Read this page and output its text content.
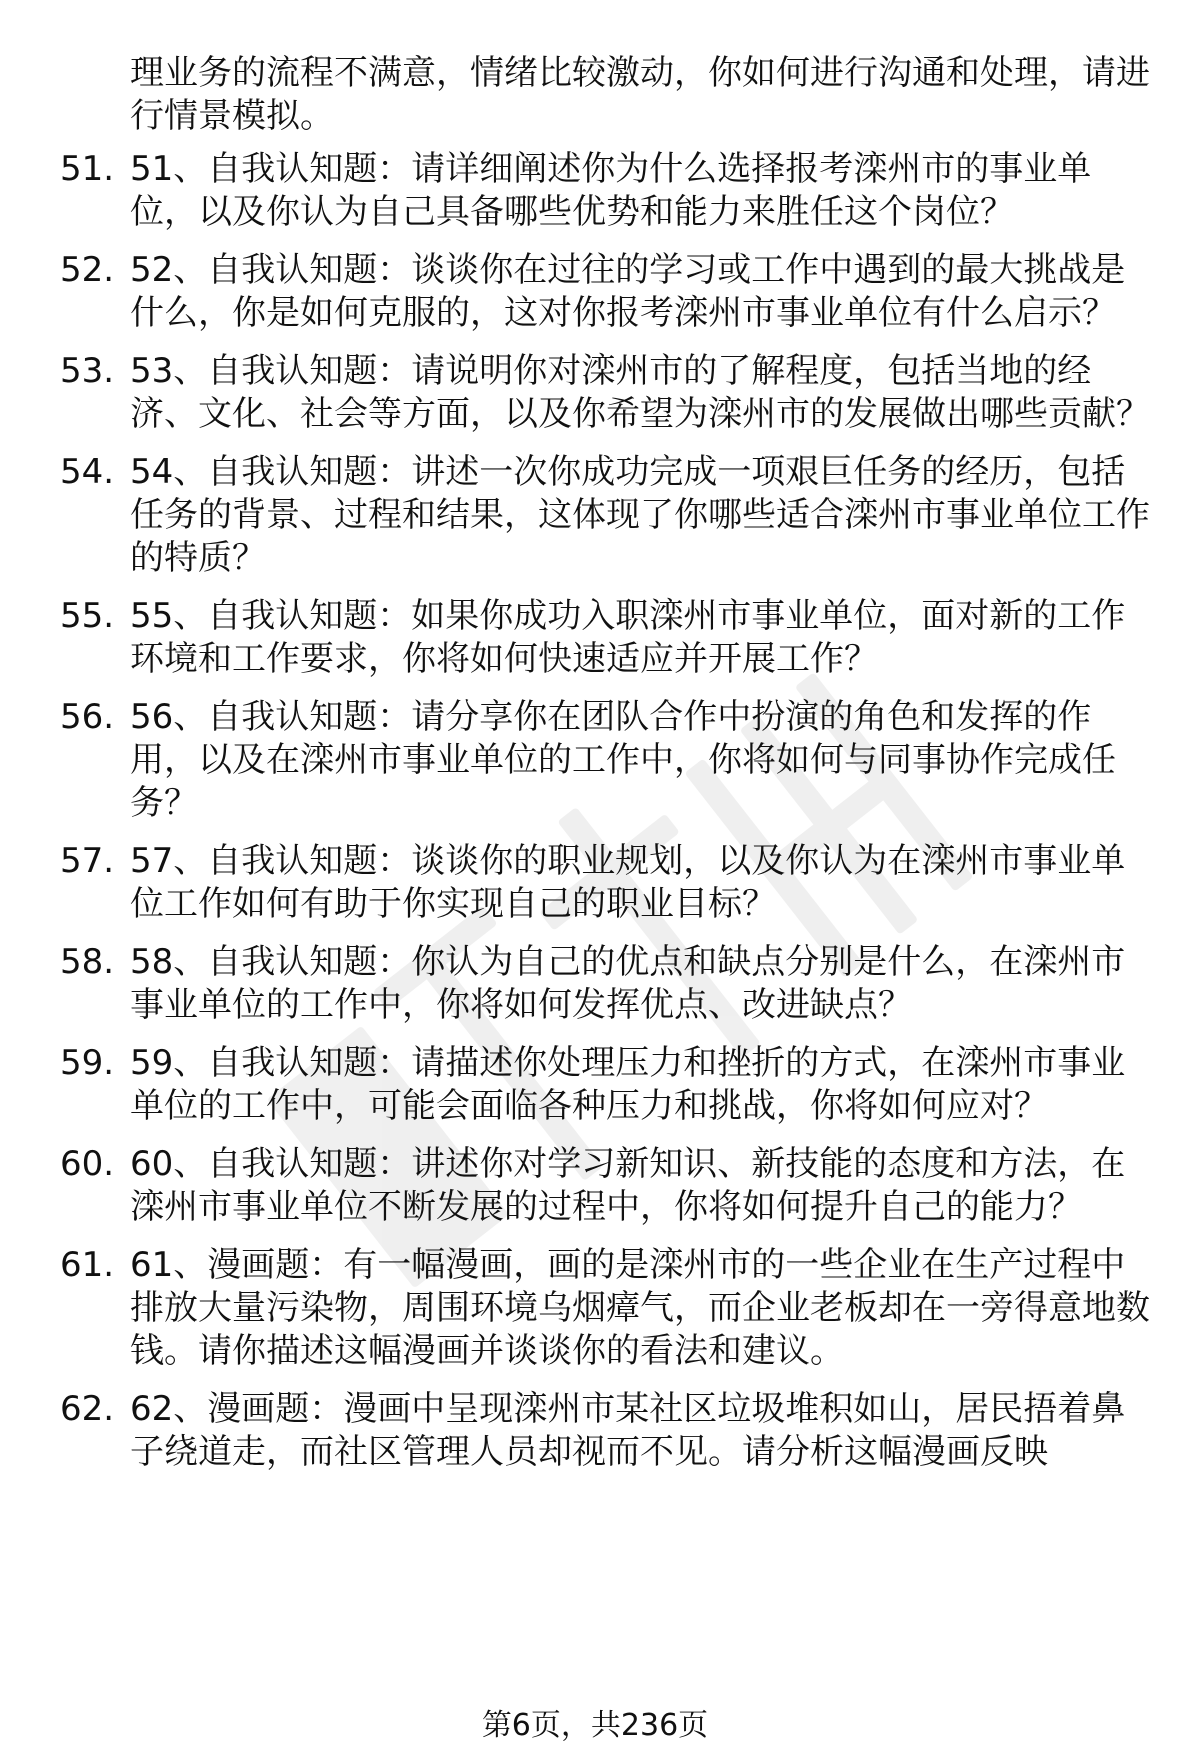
理业务的流程不满意，情绪比较激动，你如何进行沟通和处理，请进行情景模拟。

51. 51、自我认知题：请详细阐述你为什么选择报考滦州市的事业单位，以及你认为自己具备哪些优势和能力来胜任这个岗位？

52. 52、自我认知题：谈谈你在过往的学习或工作中遇到的最大挑战是什么，你是如何克服的，这对你报考滦州市事业单位有什么启示？

53. 53、自我认知题：请说明你对滦州市的了解程度，包括当地的经济、文化、社会等方面，以及你希望为滦州市的发展做出哪些贡献？

54. 54、自我认知题：讲述一次你成功完成一项艰巨任务的经历，包括任务的背景、过程和结果，这体现了你哪些适合滦州市事业单位工作的特质？

55. 55、自我认知题：如果你成功入职滦州市事业单位，面对新的工作环境和工作要求，你将如何快速适应并开展工作？

56. 56、自我认知题：请分享你在团队合作中扮演的角色和发挥的作用，以及在滦州市事业单位的工作中，你将如何与同事协作完成任务？

57. 57、自我认知题：谈谈你的职业规划，以及你认为在滦州市事业单位工作如何有助于你实现自己的职业目标？

58. 58、自我认知题：你认为自己的优点和缺点分别是什么，在滦州市事业单位的工作中，你将如何发挥优点、改进缺点？

59. 59、自我认知题：请描述你处理压力和挫折的方式，在滦州市事业单位的工作中，可能会面临各种压力和挑战，你将如何应对？

60. 60、自我认知题：讲述你对学习新知识、新技能的态度和方法，在滦州市事业单位不断发展的过程中，你将如何提升自己的能力？

61. 61、漫画题：有一幅漫画，画的是滦州市的一些企业在生产过程中排放大量污染物，周围环境乌烟瘴气，而企业老板却在一旁得意地数钱。请你描述这幅漫画并谈谈你的看法和建议。

62. 62、漫画题：漫画中呈现滦州市某社区垃圾堆积如山，居民捂着鼻子绕道走，而社区管理人员却视而不见。请分析这幅漫画反映

第6页，共236页
